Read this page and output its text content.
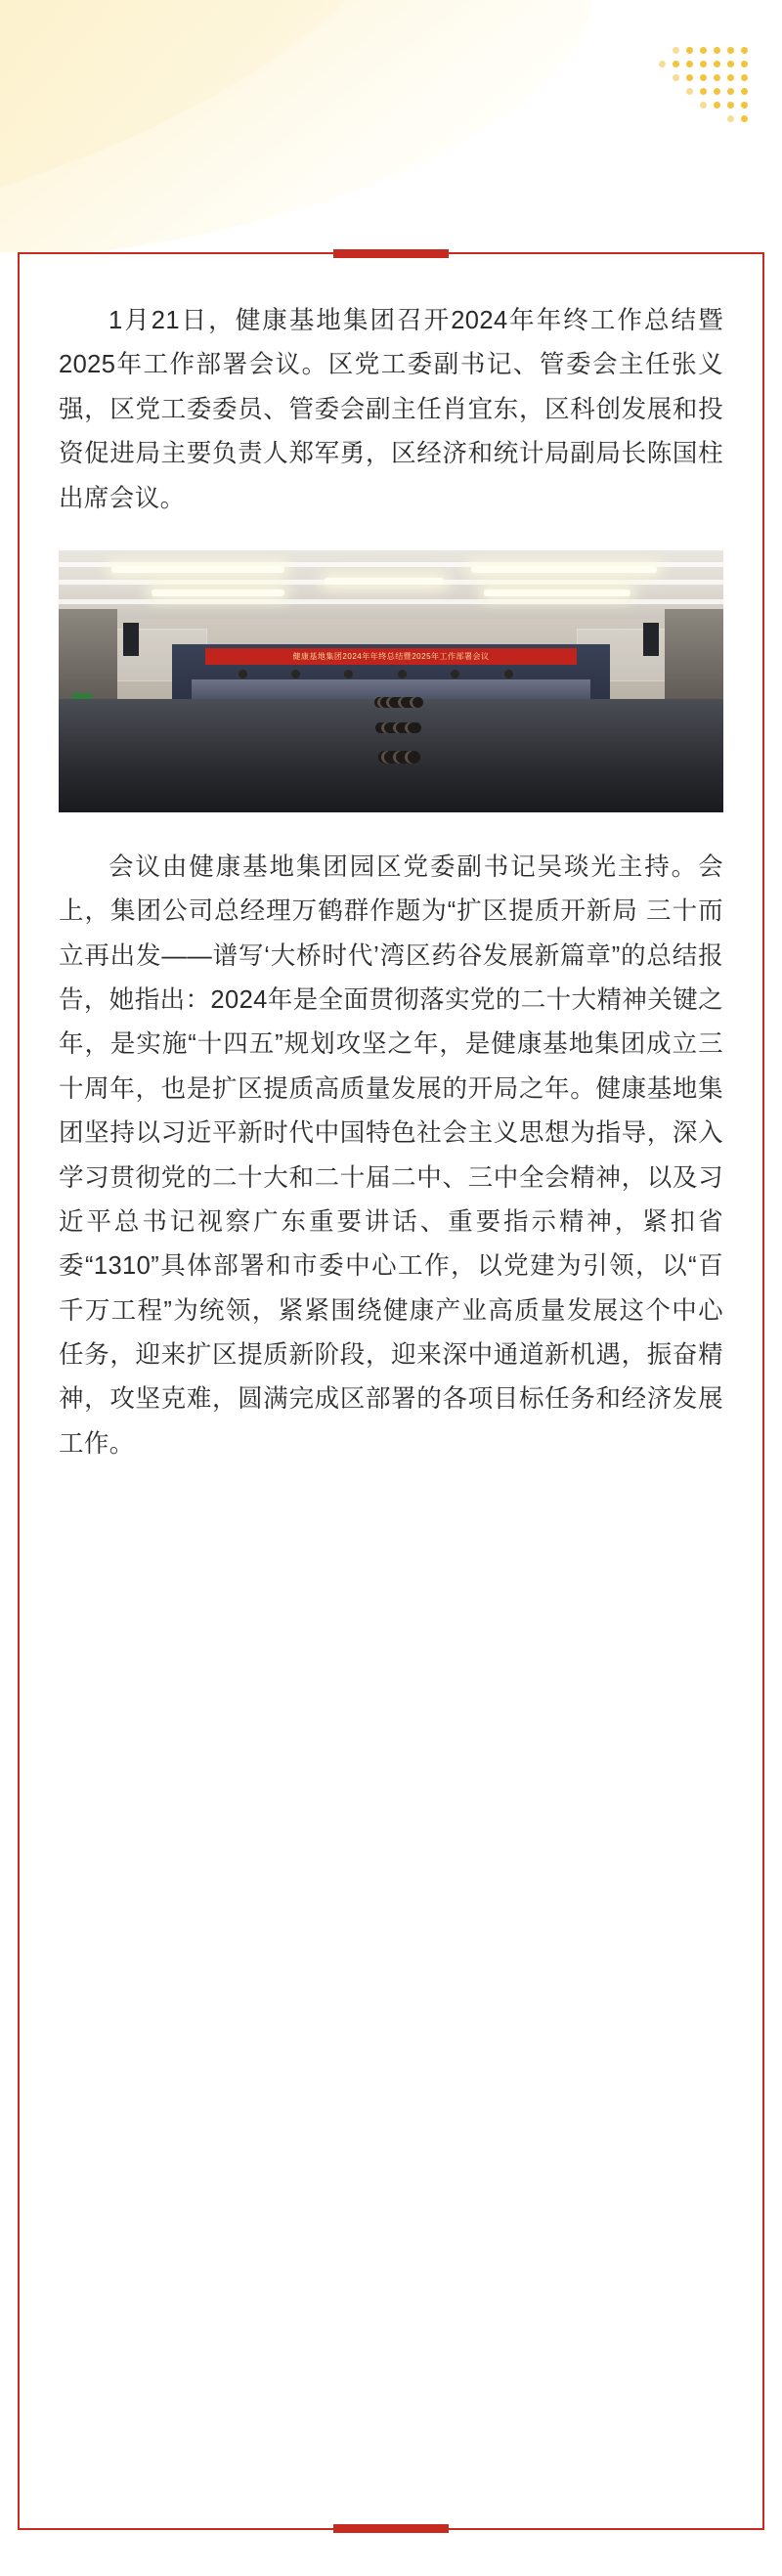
1月21日，健康基地集团召开2024年年终工作总结暨2025年工作部署会议。区党工委副书记、管委会主任张义强，区党工委委员、管委会副主任肖宜东，区科创发展和投资促进局主要负责人郑军勇，区经济和统计局副局长陈国柱出席会议。

健康基地集团2024年年终总结暨2025年工作部署会议

会议由健康基地集团园区党委副书记吴琰光主持。会上，集团公司总经理万鹤群作题为“扩区提质开新局 三十而立再出发——谱写‘大桥时代’湾区药谷发展新篇章”的总结报告，她指出：2024年是全面贯彻落实党的二十大精神关键之年，是实施“十四五”规划攻坚之年，是健康基地集团成立三十周年，也是扩区提质高质量发展的开局之年。健康基地集团坚持以习近平新时代中国特色社会主义思想为指导，深入学习贯彻党的二十大和二十届二中、三中全会精神，以及习近平总书记视察广东重要讲话、重要指示精神，紧扣省委“1310”具体部署和市委中心工作，以党建为引领，以“百千万工程”为统领，紧紧围绕健康产业高质量发展这个中心任务，迎来扩区提质新阶段，迎来深中通道新机遇，振奋精神，攻坚克难，圆满完成区部署的各项目标任务和经济发展工作。
